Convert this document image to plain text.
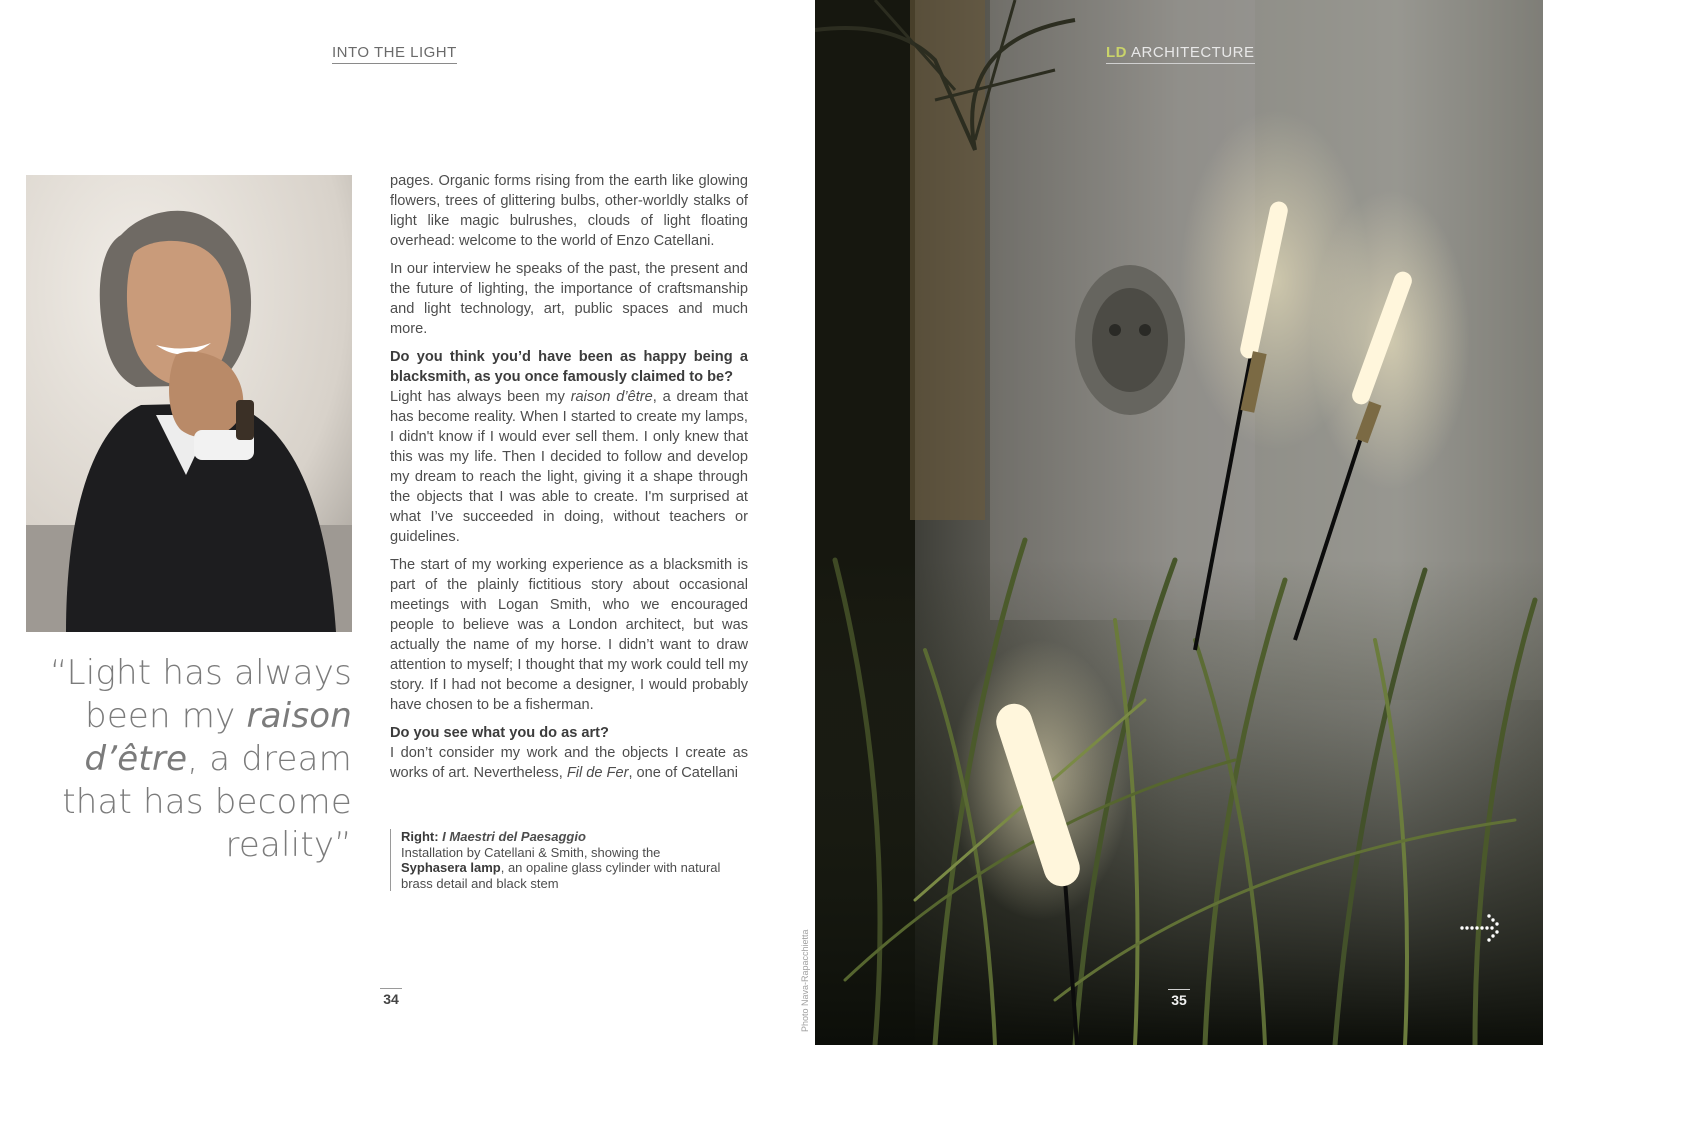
INTO THE LIGHT
“Light has always been my raison d’être, a dream that has become reality”

pages. Organic forms rising from the earth like glowing flowers, trees of glittering bulbs, other-worldly stalks of light like magic bulrushes, clouds of light floating overhead: welcome to the world of Enzo Catellani.

In our interview he speaks of the past, the present and the future of lighting, the importance of craftsmanship and light technology, art, public spaces and much more.

Do you think you’d have been as happy being a blacksmith, as you once famously claimed to be?

Light has always been my raison d’être, a dream that has become reality. When I started to create my lamps, I didn't know if I would ever sell them. I only knew that this was my life. Then I decided to follow and develop my dream to reach the light, giving it a shape through the objects that I was able to create. I'm surprised at what I’ve succeeded in doing, without teachers or guidelines.

The start of my working experience as a blacksmith is part of the plainly fictitious story about occasional meetings with Logan Smith, who we encouraged people to believe was a London architect, but was actually the name of my horse. I didn’t want to draw attention to myself; I thought that my work could tell my story. If I had not become a designer, I would probably have chosen to be a fisherman.

Do you see what you do as art?

I don’t consider my work and the objects I create as works of art. Nevertheless, Fil de Fer, one of Catellani

Right: I Maestri del Paesaggio
Installation by Catellani & Smith, showing the
Syphasera lamp, an opaline glass cylinder with natural brass detail and black stem
34
LD ARCHITECTURE
35
Photo Nava-Rapacchietta
